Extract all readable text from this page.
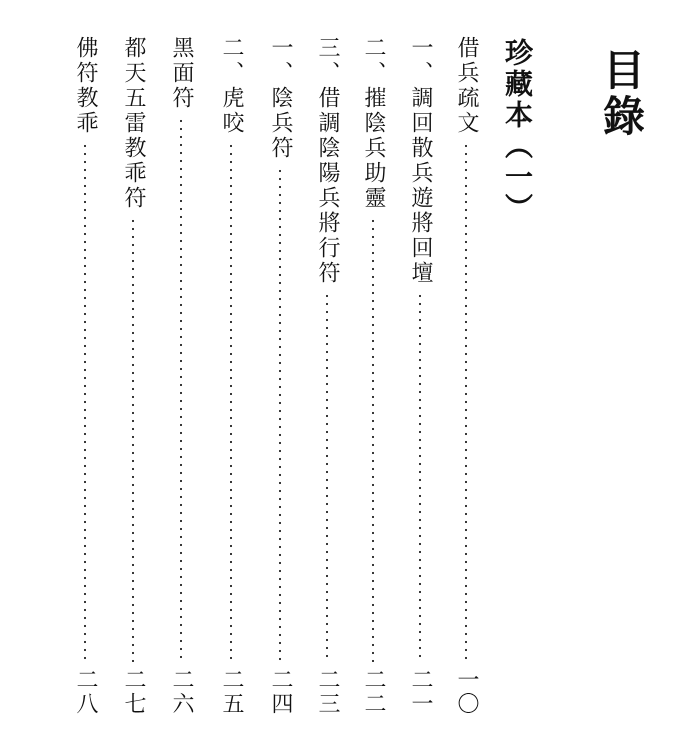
目錄
珍藏本（一）
借兵疏文
一〇
一、調回散兵遊將回壇
二一
二、摧陰兵助靈
二二
三、借調陰陽兵將行符
二三
一、陰兵符
二四
二、虎咬
二五
黑面符
二六
都天五雷教乖符
二七
佛符教乖
二八
